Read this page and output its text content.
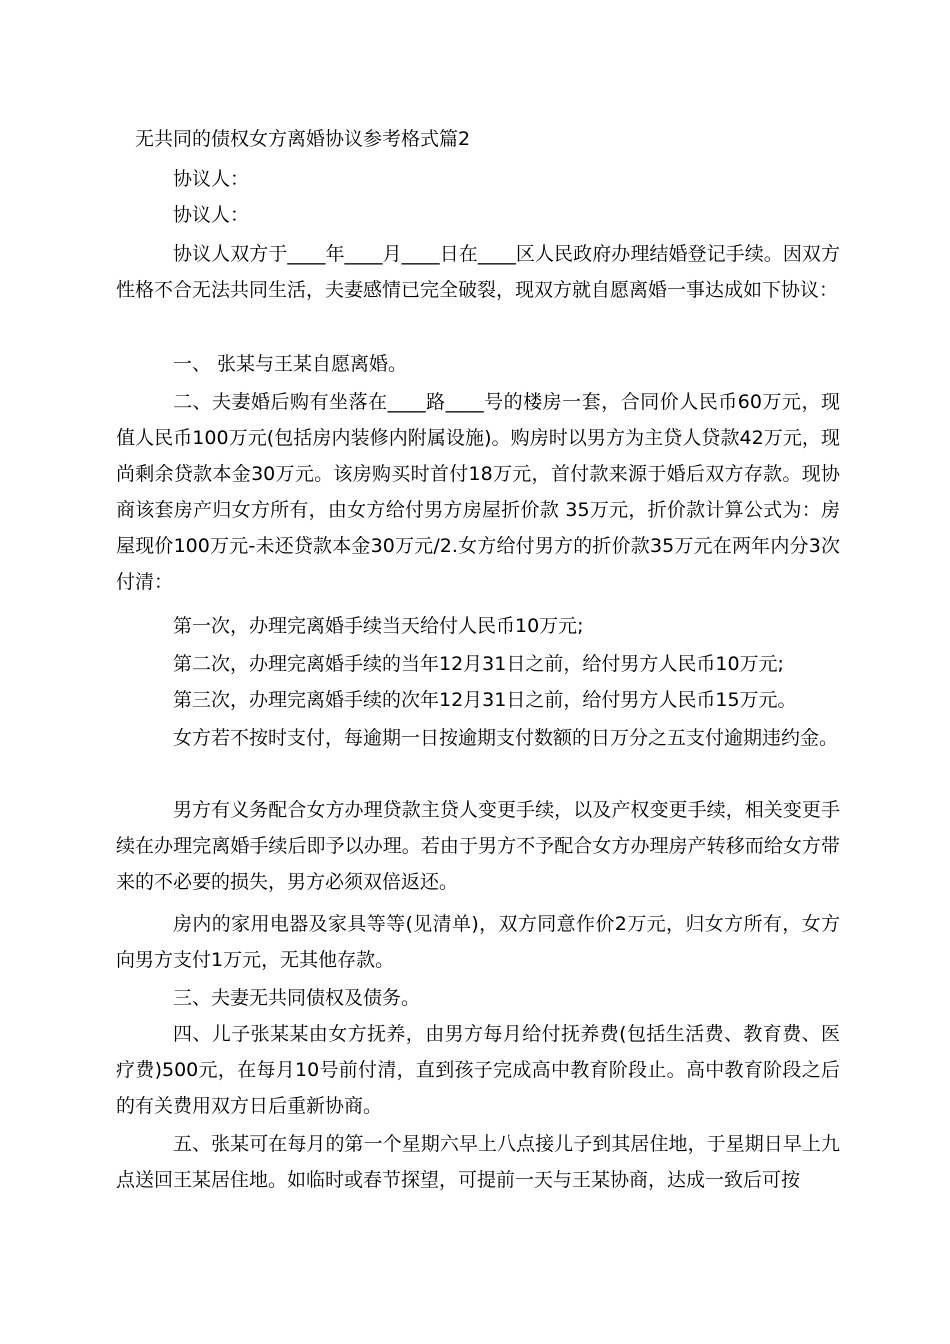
无共同的债权女方离婚协议参考格式篇2

协议人：

协议人：

协议人双方于____年____月____日在____区人民政府办理结婚登记手续。因双方性格不合无法共同生活，夫妻感情已完全破裂，现双方就自愿离婚一事达成如下协议：

一、 张某与王某自愿离婚。

二、夫妻婚后购有坐落在____路____号的楼房一套，合同价人民币60万元，现值人民币100万元(包括房内装修内附属设施)。购房时以男方为主贷人贷款42万元，现尚剩余贷款本金30万元。该房购买时首付18万元，首付款来源于婚后双方存款。现协商该套房产归女方所有，由女方给付男方房屋折价款 35万元，折价款计算公式为：房屋现价100万元-未还贷款本金30万元/2.女方给付男方的折价款35万元在两年内分3次付清：

第一次，办理完离婚手续当天给付人民币10万元;

第二次，办理完离婚手续的当年12月31日之前，给付男方人民币10万元;

第三次，办理完离婚手续的次年12月31日之前，给付男方人民币15万元。

女方若不按时支付，每逾期一日按逾期支付数额的日万分之五支付逾期违约金。

男方有义务配合女方办理贷款主贷人变更手续，以及产权变更手续，相关变更手续在办理完离婚手续后即予以办理。若由于男方不予配合女方办理房产转移而给女方带来的不必要的损失，男方必须双倍返还。

房内的家用电器及家具等等(见清单)，双方同意作价2万元，归女方所有，女方向男方支付1万元，无其他存款。

三、夫妻无共同债权及债务。

四、儿子张某某由女方抚养，由男方每月给付抚养费(包括生活费、教育费、医疗费)500元，在每月10号前付清，直到孩子完成高中教育阶段止。高中教育阶段之后的有关费用双方日后重新协商。

五、张某可在每月的第一个星期六早上八点接儿子到其居住地，于星期日早上九点送回王某居住地。如临时或春节探望，可提前一天与王某协商，达成一致后可按
